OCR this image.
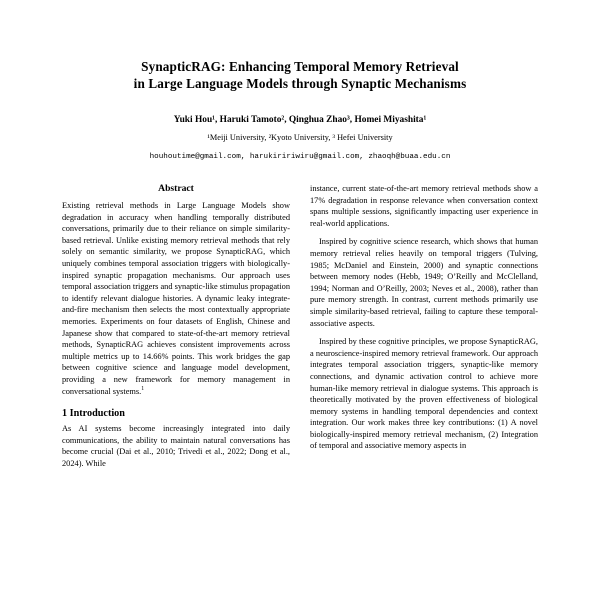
SynapticRAG: Enhancing Temporal Memory Retrieval
in Large Language Models through Synaptic Mechanisms
Yuki Hou¹, Haruki Tamoto², Qinghua Zhao³, Homei Miyashita¹
¹Meiji University, ²Kyoto University, ³ Hefei University
houhoutime@gmail.com, harukiririwiru@gmail.com, zhaoqh@buaa.edu.cn
Abstract

Existing retrieval methods in Large Language Models show degradation in accuracy when handling temporally distributed conversations, primarily due to their reliance on simple similarity-based retrieval. Unlike existing memory retrieval methods that rely solely on semantic similarity, we propose SynapticRAG, which uniquely combines temporal association triggers with biologically-inspired synaptic propagation mechanisms. Our approach uses temporal association triggers and synaptic-like stimulus propagation to identify relevant dialogue histories. A dynamic leaky integrate-and-fire mechanism then selects the most contextually appropriate memories. Experiments on four datasets of English, Chinese and Japanese show that compared to state-of-the-art memory retrieval methods, SynapticRAG achieves consistent improvements across multiple metrics up to 14.66% points. This work bridges the gap between cognitive science and language model development, providing a new framework for memory management in conversational systems.$^1$

1 Introduction

As AI systems become increasingly integrated into daily communications, the ability to maintain natural conversations has become crucial (Dai et al., 2010; Trivedi et al., 2022; Dong et al., 2024). While

instance, current state-of-the-art memory retrieval methods show a 17% degradation in response relevance when conversation context spans multiple sessions, significantly impacting user experience in real-world applications.

Inspired by cognitive science research, which shows that human memory retrieval relies heavily on temporal triggers (Tulving, 1985; McDaniel and Einstein, 2000) and synaptic connections between memory nodes (Hebb, 1949; O’Reilly and McClelland, 1994; Norman and O’Reilly, 2003; Neves et al., 2008), rather than pure memory strength. In contrast, current methods primarily use simple similarity-based retrieval, failing to capture these temporal-associative aspects.

Inspired by these cognitive principles, we propose SynapticRAG, a neuroscience-inspired memory retrieval framework. Our approach integrates temporal association triggers, synaptic-like memory connections, and dynamic activation control to achieve more human-like memory retrieval in dialogue systems. This approach is theoretically motivated by the proven effectiveness of biological memory systems in handling temporal dependencies and context integration. Our work makes three key contributions: (1) A novel biologically-inspired memory retrieval mechanism, (2) Integration of temporal and associative memory aspects in
